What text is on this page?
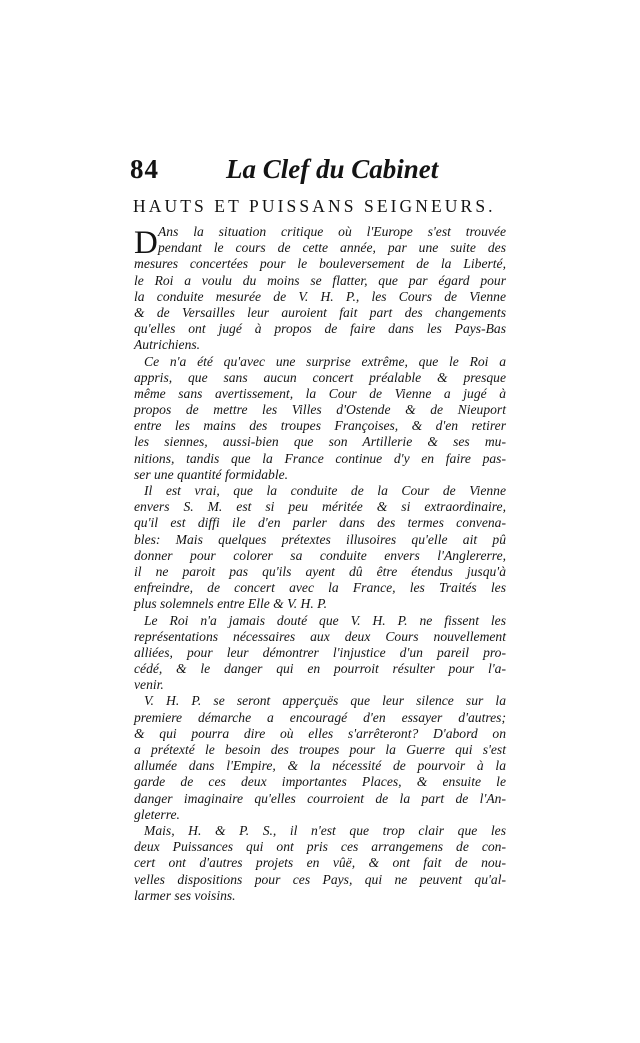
84 La Clef du Cabinet
HAUTS ET PUISSANS SEIGNEURS.
D Ans la situation critique où l'Europe s'est trouvée
pendant le cours de cette année, par une suite des
mesures concertées pour le bouleversement de la Liberté,
le Roi a voulu du moins se flatter, que par égard pour
la conduite mesurée de V. H. P., les Cours de Vienne
& de Versailles leur auroient fait part des changements
qu'elles ont jugé à propos de faire dans les Pays-Bas
Autrichiens.
Ce n'a été qu'avec une surprise extrême, que le Roi a
appris, que sans aucun concert préalable & presque
même sans avertissement, la Cour de Vienne a jugé à
propos de mettre les Villes d'Ostende & de Nieuport
entre les mains des troupes Françoises, & d'en retirer
les siennes, aussi-bien que son Artillerie & ses mu-
nitions, tandis que la France continue d'y en faire pas-
ser une quantité formidable.
Il est vrai, que la conduite de la Cour de Vienne
envers S. M. est si peu méritée & si extraordinaire,
qu'il est diffi ile d'en parler dans des termes convena-
bles: Mais quelques prétextes illusoires qu'elle ait pû
donner pour colorer sa conduite envers l'Anglererre,
il ne paroit pas qu'ils ayent dû être étendus jusqu'à
enfreindre, de concert avec la France, les Traités les
plus solemnels entre Elle & V. H. P.
Le Roi n'a jamais douté que V. H. P. ne fissent les
représentations nécessaires aux deux Cours nouvellement
alliées, pour leur démontrer l'injustice d'un pareil pro-
cédé, & le danger qui en pourroit résulter pour l'a-
venir.
V. H. P. se seront apperçuës que leur silence sur la
premiere démarche a encouragé d'en essayer d'autres;
& qui pourra dire où elles s'arrêteront? D'abord on
a prétexté le besoin des troupes pour la Guerre qui s'est
allumée dans l'Empire, & la nécessité de pourvoir à la
garde de ces deux importantes Places, & ensuite le
danger imaginaire qu'elles courroient de la part de l'An-
gleterre.
Mais, H. & P. S., il n'est que trop clair que les
deux Puissances qui ont pris ces arrangemens de con-
cert ont d'autres projets en vûë, & ont fait de nou-
velles dispositions pour ces Pays, qui ne peuvent qu'al-
larmer ses voisins.
